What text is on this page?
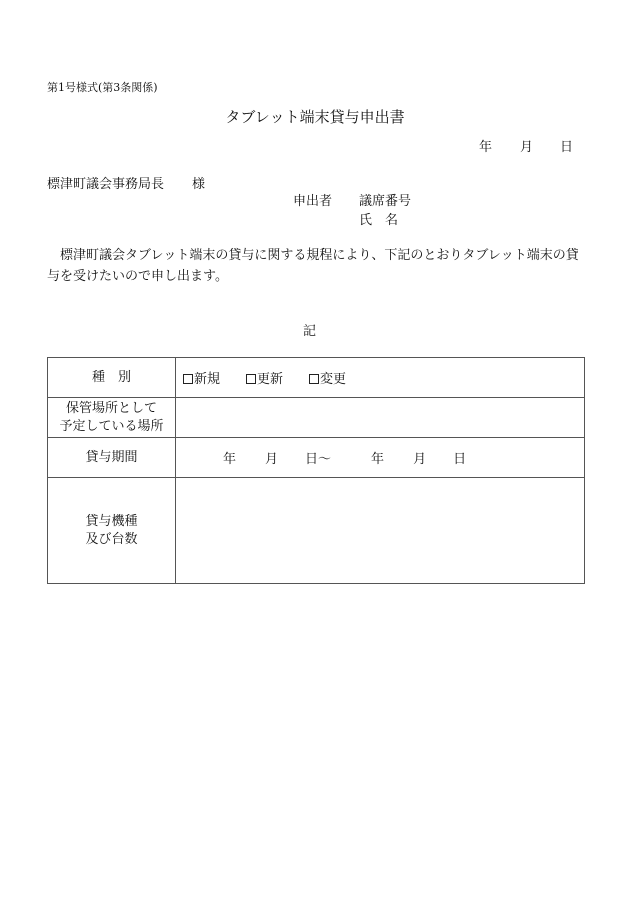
第1号様式(第3条関係)
タブレット端末貸与申出書
年 月 日
標津町議会事務局長 様
申出者 議席番号
氏　名
標津町議会タブレット端末の貸与に関する規程により、下記のとおりタブレット端末の貸与を受けたいので申し出ます。
記
種　別	新規 更新 変更

保管場所として
予定している場所	

貸与期間	年 月 日～ 年 月 日

貸与機種
及び台数	
